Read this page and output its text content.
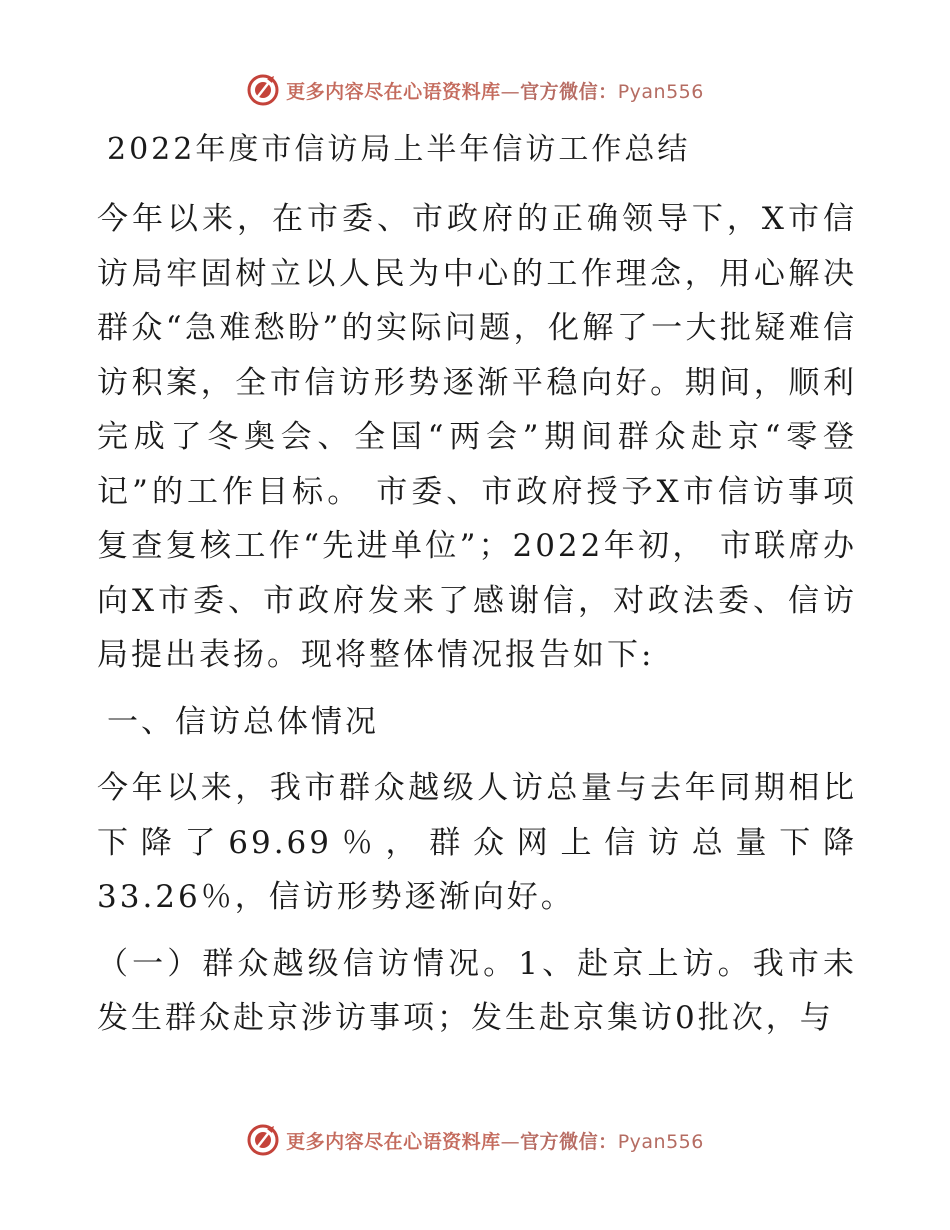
更多内容尽在心语资料库—官方微信：Pyan556
2022年度市信访局上半年信访工作总结

今年以来，在市委、市政府的正确领导下，X市信访局牢固树立以人民为中心的工作理念，用心解决群众“急难愁盼”的实际问题，化解了一大批疑难信访积案，全市信访形势逐渐平稳向好。期间，顺利完成了冬奥会、全国“两会”期间群众赴京“零登记”的工作目标。 市委、市政府授予X市信访事项复查复核工作“先进单位”；2022年初， 市联席办向X市委、市政府发来了感谢信，对政法委、信访局提出表扬。现将整体情况报告如下:

一、信访总体情况

今年以来，我市群众越级人访总量与去年同期相比下降了69.69％，群众网上信访总量下降33.26％，信访形势逐渐向好。

（一）群众越级信访情况。1、赴京上访。我市未发生群众赴京涉访事项；发生赴京集访0批次，与

更多内容尽在心语资料库—官方微信：Pyan556
